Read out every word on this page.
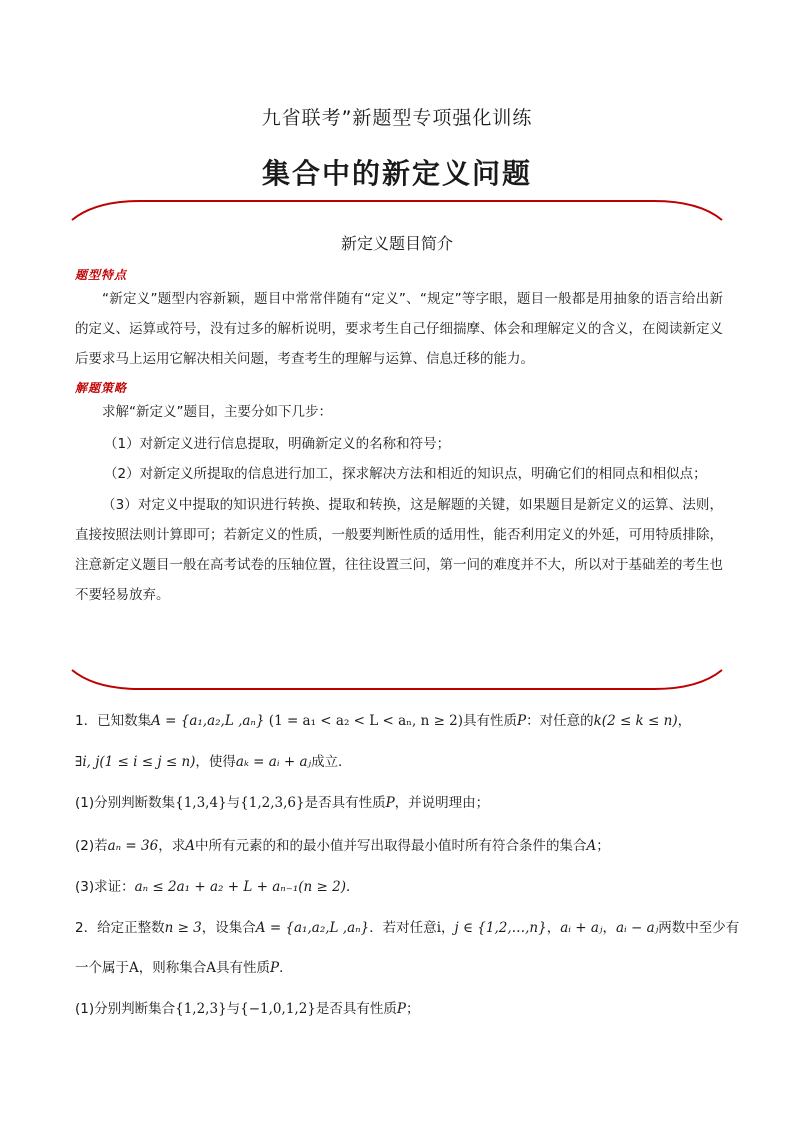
九省联考”新题型专项强化训练
集合中的新定义问题
新定义题目简介
题型特点
“新定义”题型内容新颖，题目中常常伴随有“定义”、“规定”等字眼，题目一般都是用抽象的语言给出新的定义、运算或符号，没有过多的解析说明，要求考生自己仔细揣摩、体会和理解定义的含义，在阅读新定义后要求马上运用它解决相关问题，考查考生的理解与运算、信息迁移的能力。
解题策略
求解“新定义”题目，主要分如下几步：
（1）对新定义进行信息提取，明确新定义的名称和符号；
（2）对新定义所提取的信息进行加工，探求解决方法和相近的知识点，明确它们的相同点和相似点；
（3）对定义中提取的知识进行转换、提取和转换，这是解题的关键，如果题目是新定义的运算、法则，直接按照法则计算即可；若新定义的性质，一般要判断性质的适用性，能否利用定义的外延，可用特质排除，注意新定义题目一般在高考试卷的压轴位置，往往设置三问，第一问的难度并不大，所以对于基础差的考生也不要轻易放弃。
1．已知数集A = {a₁,a₂,L ,aₙ} (1 = a₁ < a₂ < L < aₙ, n ≥ 2)具有性质P：对任意的k(2 ≤ k ≤ n)，
∃i, j(1 ≤ i ≤ j ≤ n)，使得aₖ = aᵢ + aⱼ成立．
(1)分别判断数集{1,3,4}与{1,2,3,6}是否具有性质P，并说明理由；
(2)若aₙ = 36，求A中所有元素的和的最小值并写出取得最小值时所有符合条件的集合A；
(3)求证：aₙ ≤ 2a₁ + a₂ + L + aₙ₋₁(n ≥ 2)．
2．给定正整数n ≥ 3，设集合A = {a₁,a₂,L ,aₙ}．若对任意i，j ∈ {1,2,…,n}，aᵢ + aⱼ，aᵢ − aⱼ两数中至少有
一个属于A，则称集合A具有性质P．
(1)分别判断集合{1,2,3}与{−1,0,1,2}是否具有性质P；
